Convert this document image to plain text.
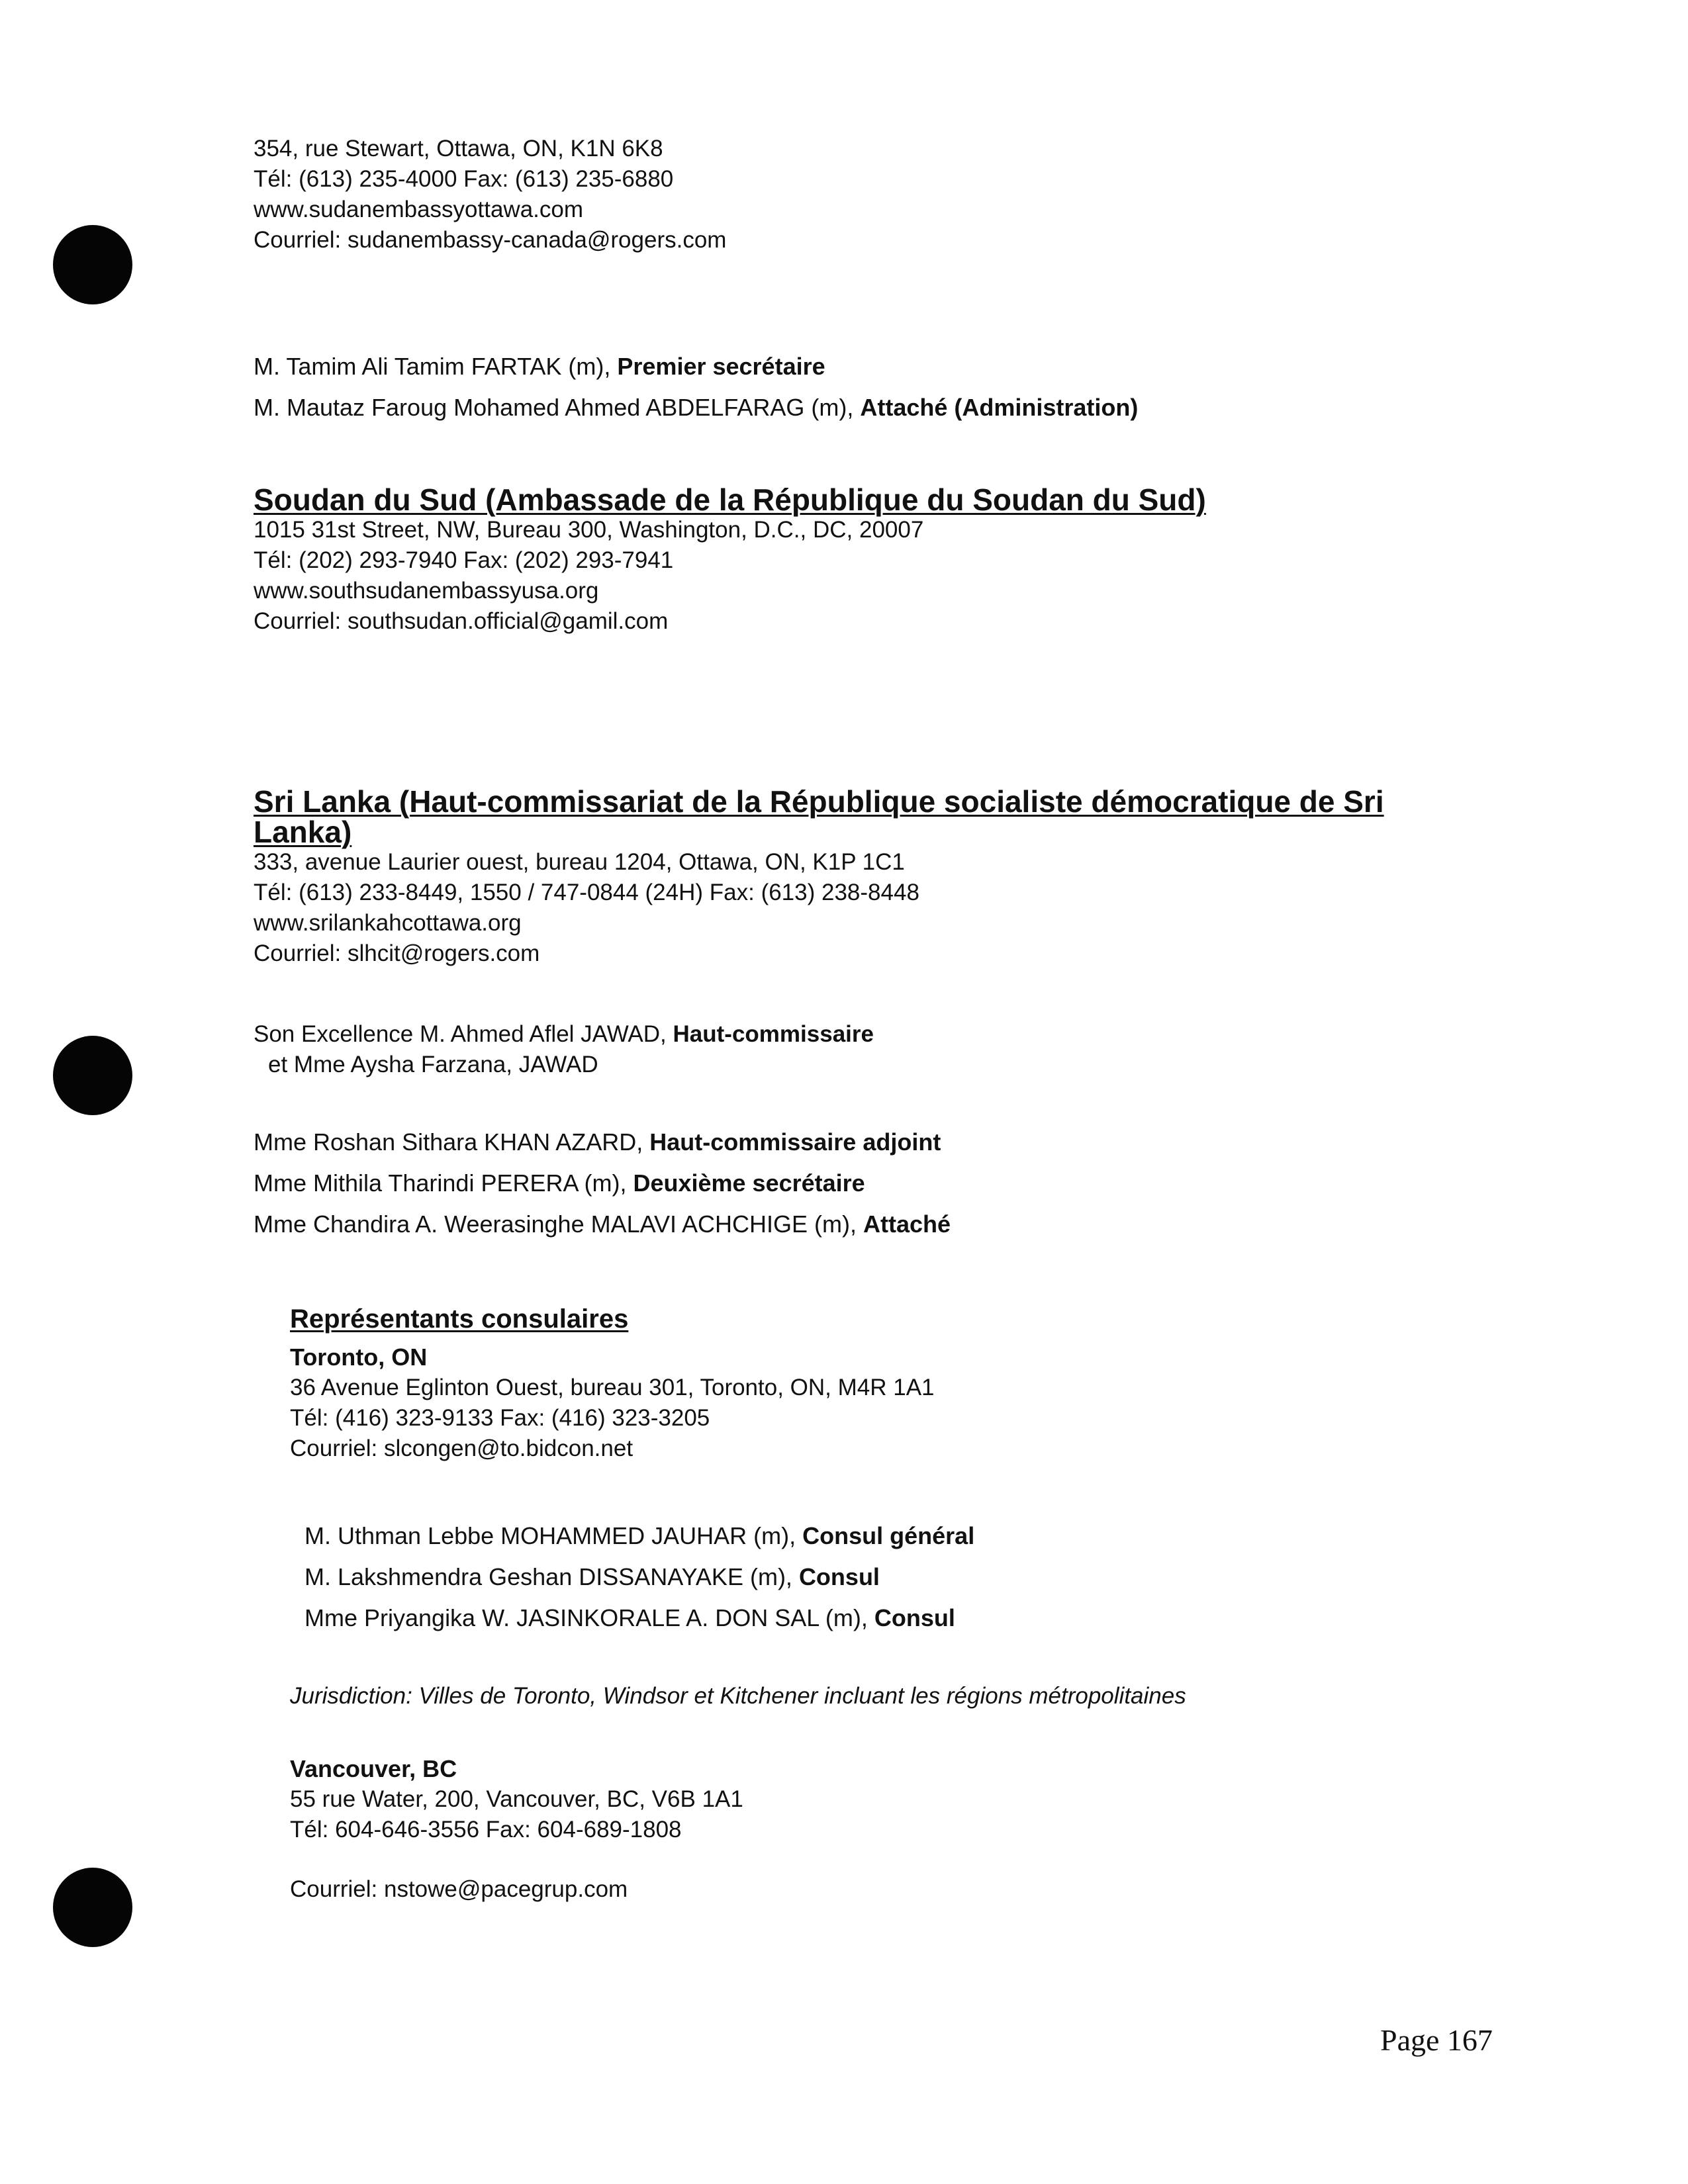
354, rue Stewart, Ottawa, ON, K1N 6K8

Tél: (613) 235-4000 Fax: (613) 235-6880

www.sudanembassyottawa.com

Courriel: sudanembassy-canada@rogers.com

M. Tamim Ali Tamim FARTAK (m), Premier secrétaire

M. Mautaz Faroug Mohamed Ahmed ABDELFARAG (m), Attaché (Administration)

Soudan du Sud (Ambassade de la République du Soudan du Sud)

1015 31st Street, NW, Bureau 300, Washington, D.C., DC, 20007

Tél: (202) 293-7940 Fax: (202) 293-7941

www.southsudanembassyusa.org

Courriel: southsudan.official@gamil.com

Sri Lanka (Haut-commissariat de la République socialiste démocratique de Sri

Lanka)

333, avenue Laurier ouest, bureau 1204, Ottawa, ON, K1P 1C1

Tél: (613) 233-8449, 1550 / 747-0844 (24H) Fax: (613) 238-8448

www.srilankahcottawa.org

Courriel: slhcit@rogers.com

Son Excellence M. Ahmed Aflel JAWAD, Haut-commissaire

et Mme Aysha Farzana, JAWAD

Mme Roshan Sithara KHAN AZARD, Haut-commissaire adjoint

Mme Mithila Tharindi PERERA (m), Deuxième secrétaire

Mme Chandira A. Weerasinghe MALAVI ACHCHIGE (m), Attaché

Représentants consulaires

Toronto, ON

36 Avenue Eglinton Ouest, bureau 301, Toronto, ON, M4R 1A1

Tél: (416) 323-9133 Fax: (416) 323-3205

Courriel: slcongen@to.bidcon.net

M. Uthman Lebbe MOHAMMED JAUHAR (m), Consul général

M. Lakshmendra Geshan DISSANAYAKE (m), Consul

Mme Priyangika W. JASINKORALE A. DON SAL (m), Consul

Jurisdiction: Villes de Toronto, Windsor et Kitchener incluant les régions métropolitaines

Vancouver, BC

55 rue Water, 200, Vancouver, BC, V6B 1A1

Tél: 604-646-3556 Fax: 604-689-1808

Courriel: nstowe@pacegrup.com

Page 167
